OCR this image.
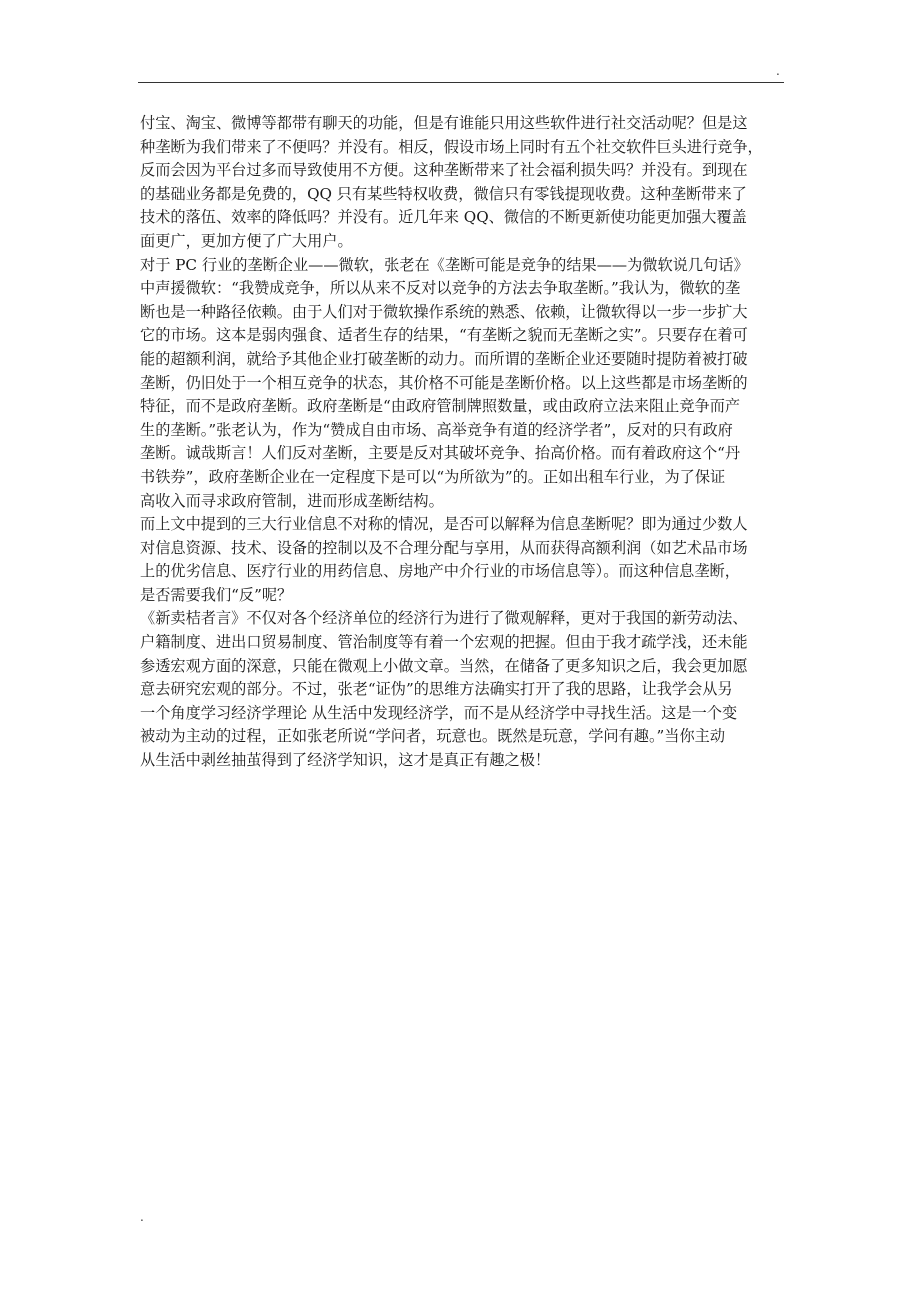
.
付宝、淘宝、微博等都带有聊天的功能，但是有谁能只用这些软件进行社交活动呢？但是这
种垄断为我们带来了不便吗？并没有。相反，假设市场上同时有五个社交软件巨头进行竞争，
反而会因为平台过多而导致使用不方便。这种垄断带来了社会福利损失吗？并没有。到现在
的基础业务都是免费的，QQ 只有某些特权收费，微信只有零钱提现收费。这种垄断带来了
技术的落伍、效率的降低吗？并没有。近几年来 QQ、微信的不断更新使功能更加强大覆盖
面更广，更加方便了广大用户。
对于 PC 行业的垄断企业——微软，张老在《垄断可能是竞争的结果——为微软说几句话》
中声援微软：“我赞成竞争，所以从来不反对以竞争的方法去争取垄断。”我认为，微软的垄
断也是一种路径依赖。由于人们对于微软操作系统的熟悉、依赖，让微软得以一步一步扩大
它的市场。这本是弱肉强食、适者生存的结果，“有垄断之貌而无垄断之实”。只要存在着可
能的超额利润，就给予其他企业打破垄断的动力。而所谓的垄断企业还要随时提防着被打破
垄断，仍旧处于一个相互竞争的状态，其价格不可能是垄断价格。以上这些都是市场垄断的
特征，而不是政府垄断。政府垄断是“由政府管制牌照数量，或由政府立法来阻止竞争而产
生的垄断。”张老认为，作为“赞成自由市场、高举竞争有道的经济学者”，反对的只有政府
垄断。诚哉斯言！人们反对垄断，主要是反对其破坏竞争、抬高价格。而有着政府这个“丹
书铁券”，政府垄断企业在一定程度下是可以“为所欲为”的。正如出租车行业，为了保证
高收入而寻求政府管制，进而形成垄断结构。
而上文中提到的三大行业信息不对称的情况，是否可以解释为信息垄断呢？即为通过少数人
对信息资源、技术、设备的控制以及不合理分配与享用，从而获得高额利润（如艺术品市场
上的优劣信息、医疗行业的用药信息、房地产中介行业的市场信息等）。而这种信息垄断，
是否需要我们“反”呢？
《新卖桔者言》不仅对各个经济单位的经济行为进行了微观解释，更对于我国的新劳动法、
户籍制度、进出口贸易制度、管治制度等有着一个宏观的把握。但由于我才疏学浅，还未能
参透宏观方面的深意，只能在微观上小做文章。当然，在储备了更多知识之后，我会更加愿
意去研究宏观的部分。不过，张老“证伪”的思维方法确实打开了我的思路，让我学会从另
一个角度学习经济学理论 从生活中发现经济学，而不是从经济学中寻找生活。这是一个变
被动为主动的过程，正如张老所说“学问者，玩意也。既然是玩意，学问有趣。”当你主动
从生活中剥丝抽茧得到了经济学知识，这才是真正有趣之极！
.
